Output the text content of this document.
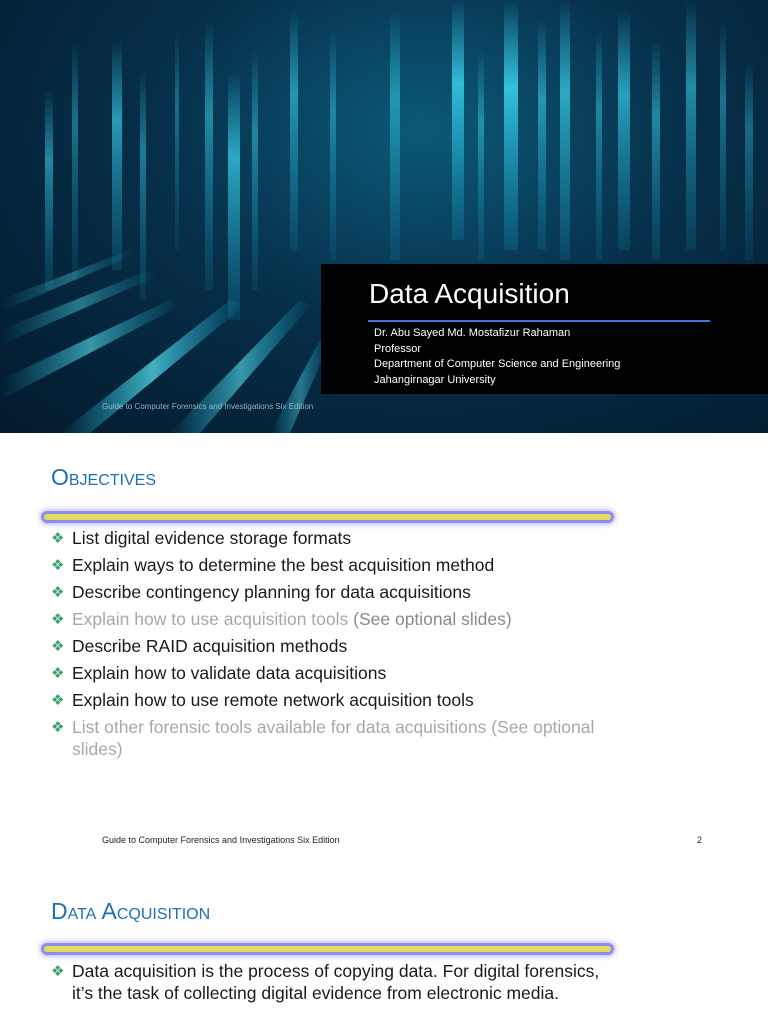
Data Acquisition
Dr. Abu Sayed Md. Mostafizur Rahaman
Professor
Department of Computer Science and Engineering
Jahangirnagar University
Guide to Computer Forensics and Investigations Six Edition
Objectives
❖ List digital evidence storage formats
❖ Explain ways to determine the best acquisition method
❖ Describe contingency planning for data acquisitions
❖ Explain how to use acquisition tools (See optional slides)
❖ Describe RAID acquisition methods
❖ Explain how to validate data acquisitions
❖ Explain how to use remote network acquisition tools
❖ List other forensic tools available for data acquisitions (See optional slides)
Guide to Computer Forensics and Investigations Six Edition	2
Data Acquisition
❖ Data acquisition is the process of copying data. For digital forensics, it’s the task of collecting digital evidence from electronic media.
